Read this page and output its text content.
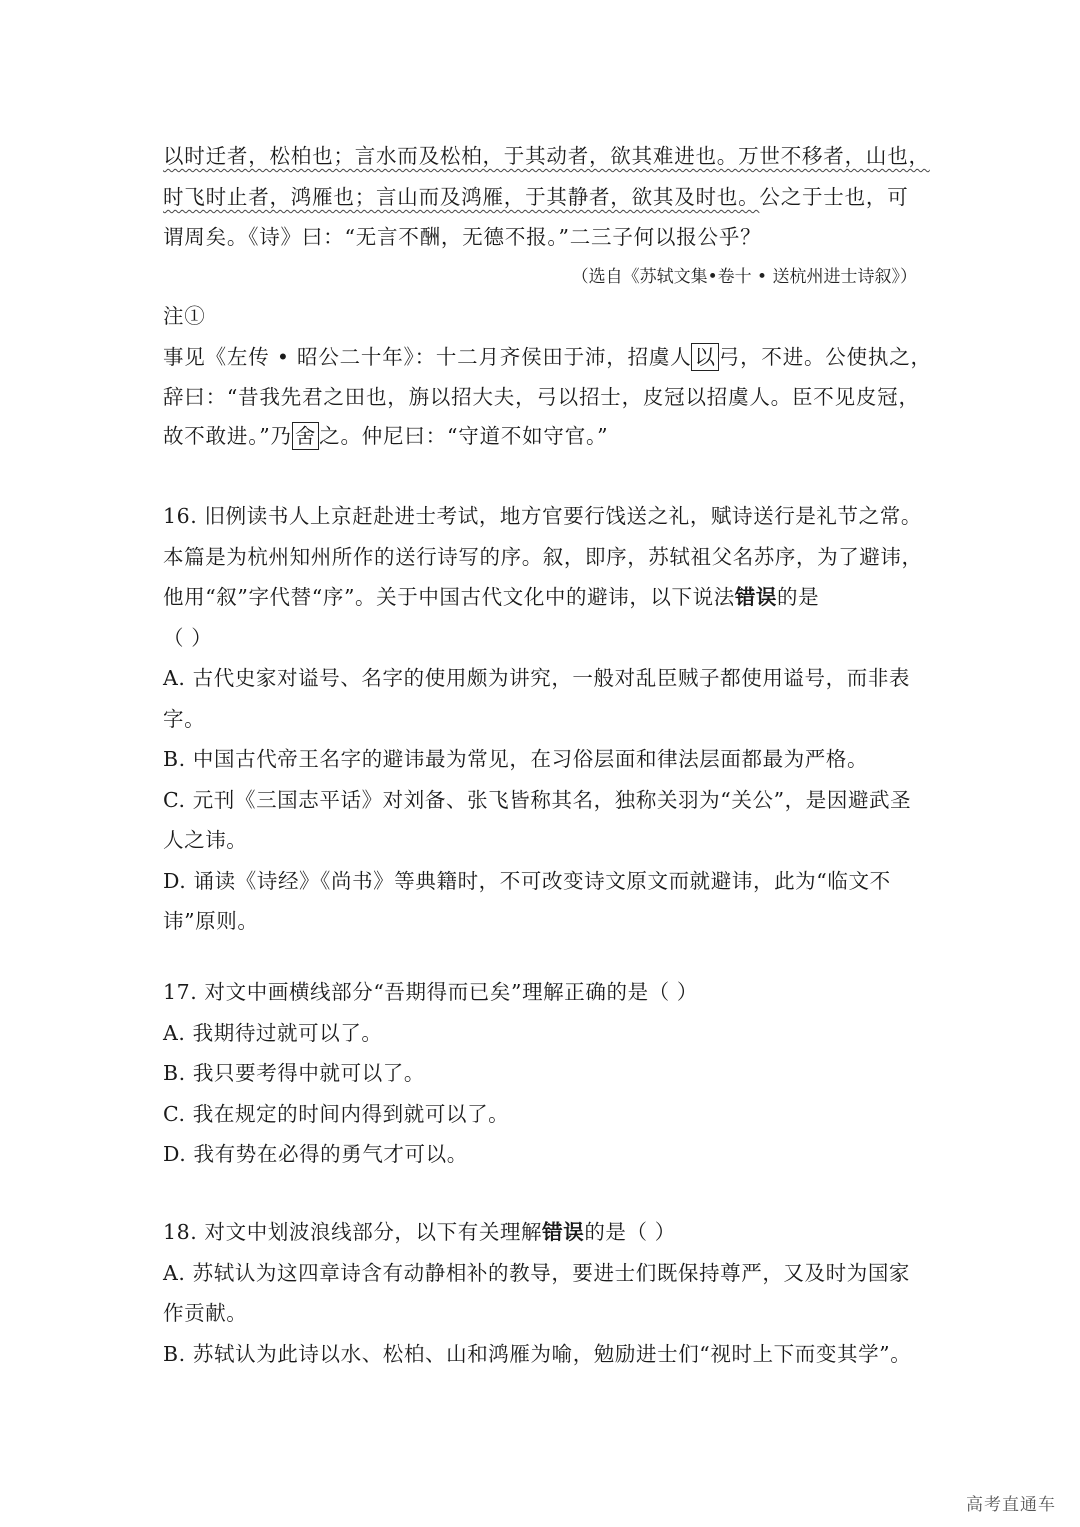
以时迁者，松柏也；言水而及松柏，于其动者，欲其难进也。万世不移者，山也，
时飞时止者，鸿雁也；言山而及鸿雁，于其静者，欲其及时也。公之于士也，可
谓周矣。《诗》曰：“无言不酬，无德不报。”二三子何以报公乎？
（选自《苏轼文集•卷十 • 送杭州进士诗叙》）
注①
事见《左传 • 昭公二十年》：十二月齐侯田于沛，招虞人 以 弓，不进。公使执之，
辞曰：“昔我先君之田也，旃以招大夫，弓以招士，皮冠以招虞人。臣不见皮冠，
故不敢进。”乃 舍 之。仲尼曰：“守道不如守官。”

16. 旧例读书人上京赶赴进士考试，地方官要行饯送之礼，赋诗送行是礼节之常。本篇是为杭州知州所作的送行诗写的序。叙，即序，苏轼祖父名苏序，为了避讳，他用“叙”字代替“序”。关于中国古代文化中的避讳，以下说法错误的是

（ ）

A. 古代史家对谥号、名字的使用颇为讲究，一般对乱臣贼子都使用谥号，而非表字。

B. 中国古代帝王名字的避讳最为常见，在习俗层面和律法层面都最为严格。

C. 元刊《三国志平话》对刘备、张飞皆称其名，独称关羽为“关公”，是因避武圣人之讳。

D. 诵读《诗经》《尚书》等典籍时，不可改变诗文原文而就避讳，此为“临文不讳”原则。

17. 对文中画横线部分“吾期得而已矣”理解正确的是（ ）

A. 我期待过就可以了。

B. 我只要考得中就可以了。

C. 我在规定的时间内得到就可以了。

D. 我有势在必得的勇气才可以。

18. 对文中划波浪线部分，以下有关理解错误的是（ ）

A. 苏轼认为这四章诗含有动静相补的教导，要进士们既保持尊严，又及时为国家作贡献。

B. 苏轼认为此诗以水、松柏、山和鸿雁为喻，勉励进士们“视时上下而变其学”。

高考直通车
